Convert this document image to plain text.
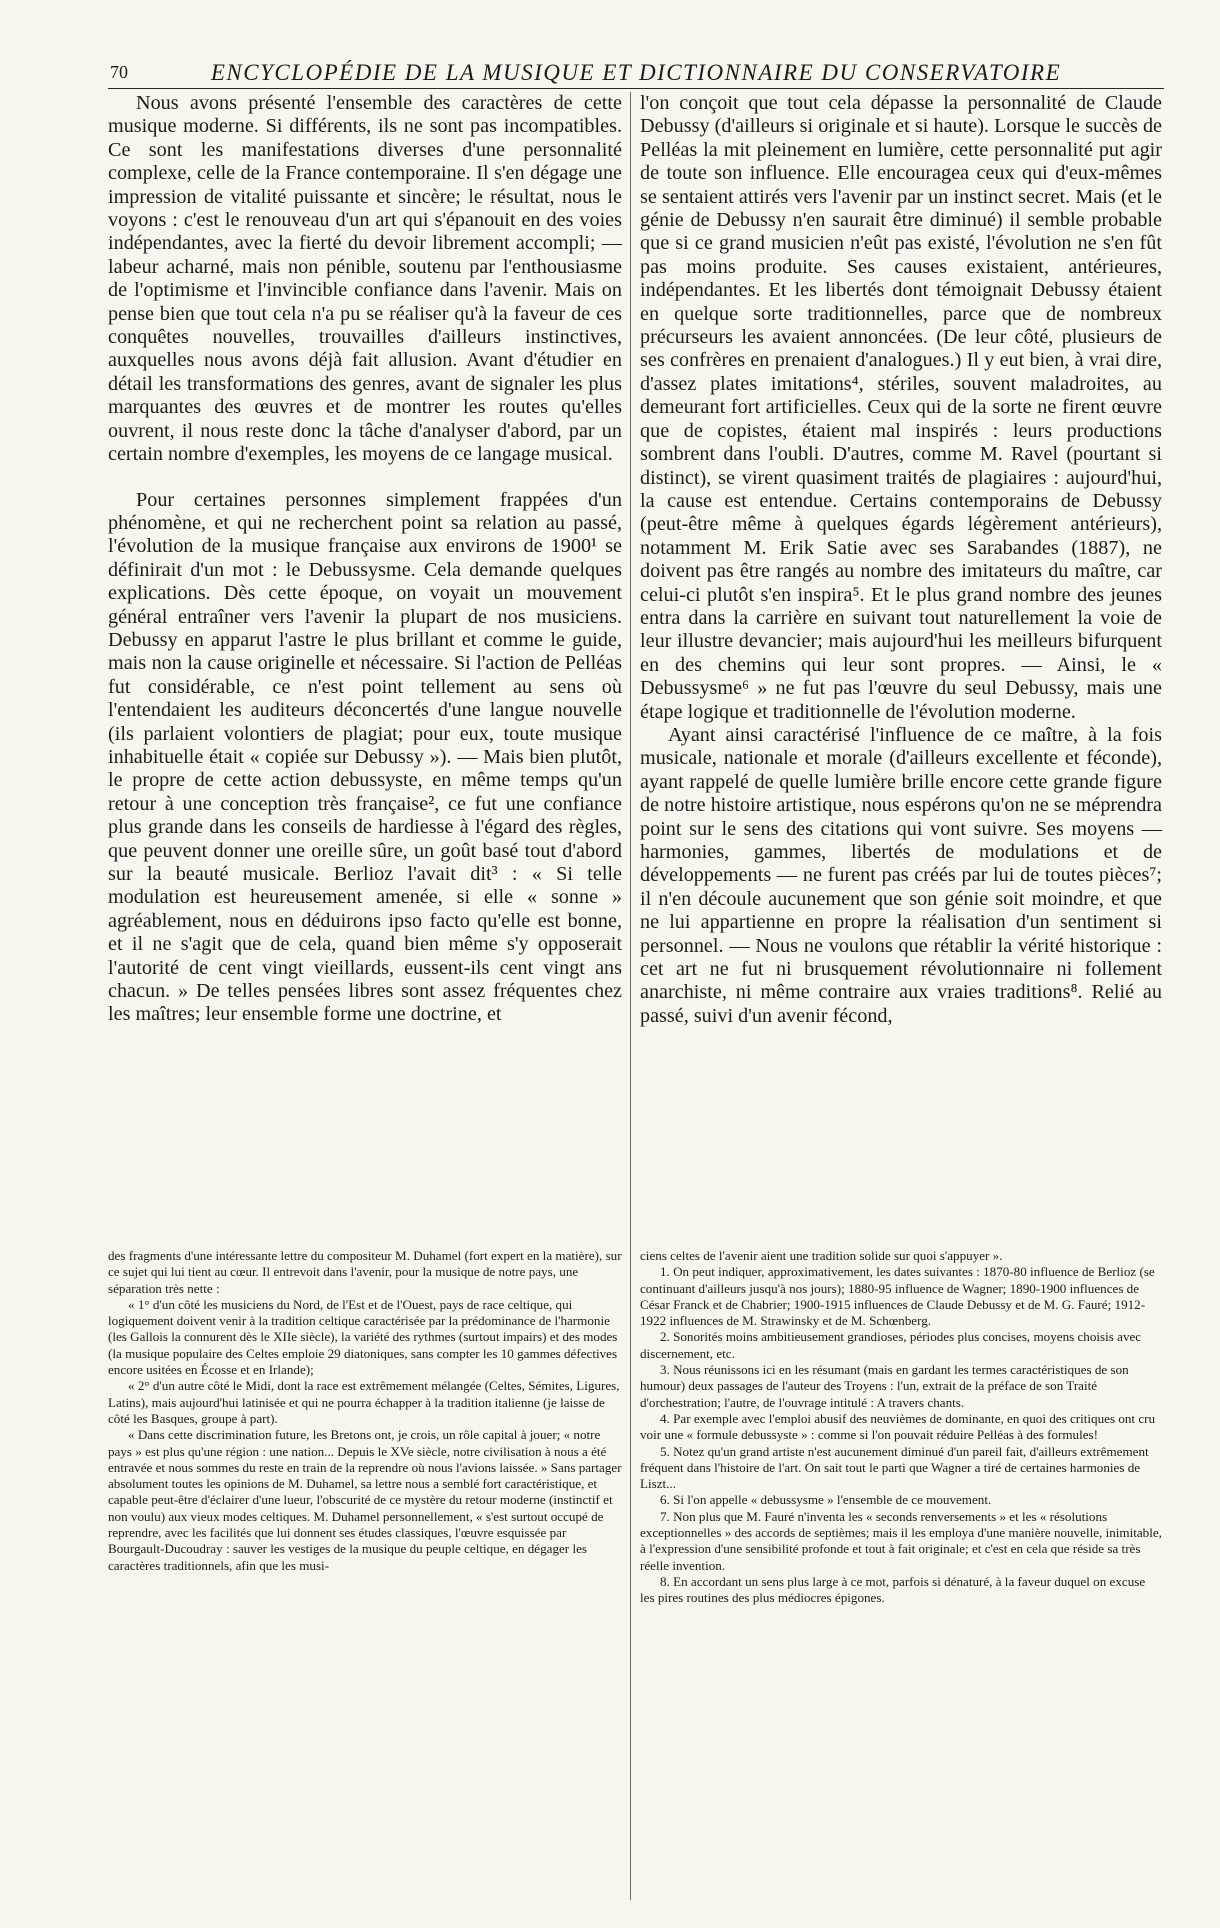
70	ENCYCLOPÉDIE DE LA MUSIQUE ET DICTIONNAIRE DU CONSERVATOIRE

Nous avons présenté l'ensemble des caractères de cette musique moderne. Si différents, ils ne sont pas incompatibles. Ce sont les manifestations diverses d'une personnalité complexe, celle de la France contemporaine. Il s'en dégage une impression de vitalité puissante et sincère; le résultat, nous le voyons : c'est le renouveau d'un art qui s'épanouit en des voies indépendantes, avec la fierté du devoir librement accompli; — labeur acharné, mais non pénible, soutenu par l'enthousiasme de l'optimisme et l'invincible confiance dans l'avenir. Mais on pense bien que tout cela n'a pu se réaliser qu'à la faveur de ces conquêtes nouvelles, trouvailles d'ailleurs instinctives, auxquelles nous avons déjà fait allusion. Avant d'étudier en détail les transformations des genres, avant de signaler les plus marquantes des œuvres et de montrer les routes qu'elles ouvrent, il nous reste donc la tâche d'analyser d'abord, par un certain nombre d'exemples, les moyens de ce langage musical.

Pour certaines personnes simplement frappées d'un phénomène, et qui ne recherchent point sa relation au passé, l'évolution de la musique française aux environs de 1900¹ se définirait d'un mot : le Debussysme. Cela demande quelques explications. Dès cette époque, on voyait un mouvement général entraîner vers l'avenir la plupart de nos musiciens. Debussy en apparut l'astre le plus brillant et comme le guide, mais non la cause originelle et nécessaire. Si l'action de Pelléas fut considérable, ce n'est point tellement au sens où l'entendaient les auditeurs déconcertés d'une langue nouvelle (ils parlaient volontiers de plagiat; pour eux, toute musique inhabituelle était « copiée sur Debussy »). — Mais bien plutôt, le propre de cette action debussyste, en même temps qu'un retour à une conception très française², ce fut une confiance plus grande dans les conseils de hardiesse à l'égard des règles, que peuvent donner une oreille sûre, un goût basé tout d'abord sur la beauté musicale. Berlioz l'avait dit³ : « Si telle modulation est heureusement amenée, si elle « sonne » agréablement, nous en déduirons ipso facto qu'elle est bonne, et il ne s'agit que de cela, quand bien même s'y opposerait l'autorité de cent vingt vieillards, eussent-ils cent vingt ans chacun. » De telles pensées libres sont assez fréquentes chez les maîtres; leur ensemble forme une doctrine, et

l'on conçoit que tout cela dépasse la personnalité de Claude Debussy (d'ailleurs si originale et si haute). Lorsque le succès de Pelléas la mit pleinement en lumière, cette personnalité put agir de toute son influence. Elle encouragea ceux qui d'eux-mêmes se sentaient attirés vers l'avenir par un instinct secret. Mais (et le génie de Debussy n'en saurait être diminué) il semble probable que si ce grand musicien n'eût pas existé, l'évolution ne s'en fût pas moins produite. Ses causes existaient, antérieures, indépendantes. Et les libertés dont témoignait Debussy étaient en quelque sorte traditionnelles, parce que de nombreux précurseurs les avaient annoncées. (De leur côté, plusieurs de ses confrères en prenaient d'analogues.) Il y eut bien, à vrai dire, d'assez plates imitations⁴, stériles, souvent maladroites, au demeurant fort artificielles. Ceux qui de la sorte ne firent œuvre que de copistes, étaient mal inspirés : leurs productions sombrent dans l'oubli. D'autres, comme M. Ravel (pourtant si distinct), se virent quasiment traités de plagiaires : aujourd'hui, la cause est entendue. Certains contemporains de Debussy (peut-être même à quelques égards légèrement antérieurs), notamment M. Erik Satie avec ses Sarabandes (1887), ne doivent pas être rangés au nombre des imitateurs du maître, car celui-ci plutôt s'en inspira⁵. Et le plus grand nombre des jeunes entra dans la carrière en suivant tout naturellement la voie de leur illustre devancier; mais aujourd'hui les meilleurs bifurquent en des chemins qui leur sont propres. — Ainsi, le « Debussysme⁶ » ne fut pas l'œuvre du seul Debussy, mais une étape logique et traditionnelle de l'évolution moderne.

Ayant ainsi caractérisé l'influence de ce maître, à la fois musicale, nationale et morale (d'ailleurs excellente et féconde), ayant rappelé de quelle lumière brille encore cette grande figure de notre histoire artistique, nous espérons qu'on ne se méprendra point sur le sens des citations qui vont suivre. Ses moyens — harmonies, gammes, libertés de modulations et de développements — ne furent pas créés par lui de toutes pièces⁷; il n'en découle aucunement que son génie soit moindre, et que ne lui appartienne en propre la réalisation d'un sentiment si personnel. — Nous ne voulons que rétablir la vérité historique : cet art ne fut ni brusquement révolutionnaire ni follement anarchiste, ni même contraire aux vraies traditions⁸. Relié au passé, suivi d'un avenir fécond,

des fragments d'une intéressante lettre du compositeur M. Duhamel (fort expert en la matière), sur ce sujet qui lui tient au cœur. Il entrevoit dans l'avenir, pour la musique de notre pays, une séparation très nette :

« 1° d'un côté les musiciens du Nord, de l'Est et de l'Ouest, pays de race celtique, qui logiquement doivent venir à la tradition celtique caractérisée par la prédominance de l'harmonie (les Gallois la connurent dès le XIIe siècle), la variété des rythmes (surtout impairs) et des modes (la musique populaire des Celtes emploie 29 diatoniques, sans compter les 10 gammes défectives encore usitées en Écosse et en Irlande);

« 2° d'un autre côté le Midi, dont la race est extrêmement mélangée (Celtes, Sémites, Ligures, Latins), mais aujourd'hui latinisée et qui ne pourra échapper à la tradition italienne (je laisse de côté les Basques, groupe à part).

« Dans cette discrimination future, les Bretons ont, je crois, un rôle capital à jouer; « notre pays » est plus qu'une région : une nation... Depuis le XVe siècle, notre civilisation à nous a été entravée et nous sommes du reste en train de la reprendre où nous l'avions laissée. » Sans partager absolument toutes les opinions de M. Duhamel, sa lettre nous a semblé fort caractéristique, et capable peut-être d'éclairer d'une lueur, l'obscurité de ce mystère du retour moderne (instinctif et non voulu) aux vieux modes celtiques. M. Duhamel personnellement, « s'est surtout occupé de reprendre, avec les facilités que lui donnent ses études classiques, l'œuvre esquissée par Bourgault-Ducoudray : sauver les vestiges de la musique du peuple celtique, en dégager les caractères traditionnels, afin que les musi-

ciens celtes de l'avenir aient une tradition solide sur quoi s'appuyer ».

1. On peut indiquer, approximativement, les dates suivantes : 1870-80 influence de Berlioz (se continuant d'ailleurs jusqu'à nos jours); 1880-95 influence de Wagner; 1890-1900 influences de César Franck et de Chabrier; 1900-1915 influences de Claude Debussy et de M. G. Fauré; 1912-1922 influences de M. Strawinsky et de M. Schœnberg.

2. Sonorités moins ambitieusement grandioses, périodes plus concises, moyens choisis avec discernement, etc.

3. Nous réunissons ici en les résumant (mais en gardant les termes caractéristiques de son humour) deux passages de l'auteur des Troyens : l'un, extrait de la préface de son Traité d'orchestration; l'autre, de l'ouvrage intitulé : A travers chants.

4. Par exemple avec l'emploi abusif des neuvièmes de dominante, en quoi des critiques ont cru voir une « formule debussyste » : comme si l'on pouvait réduire Pelléas à des formules!

5. Notez qu'un grand artiste n'est aucunement diminué d'un pareil fait, d'ailleurs extrêmement fréquent dans l'histoire de l'art. On sait tout le parti que Wagner a tiré de certaines harmonies de Liszt...

6. Si l'on appelle « debussysme » l'ensemble de ce mouvement.

7. Non plus que M. Fauré n'inventa les « seconds renversements » et les « résolutions exceptionnelles » des accords de septièmes; mais il les employa d'une manière nouvelle, inimitable, à l'expression d'une sensibilité profonde et tout à fait originale; et c'est en cela que réside sa très réelle invention.

8. En accordant un sens plus large à ce mot, parfois si dénaturé, à la faveur duquel on excuse les pires routines des plus médiocres épigones.
